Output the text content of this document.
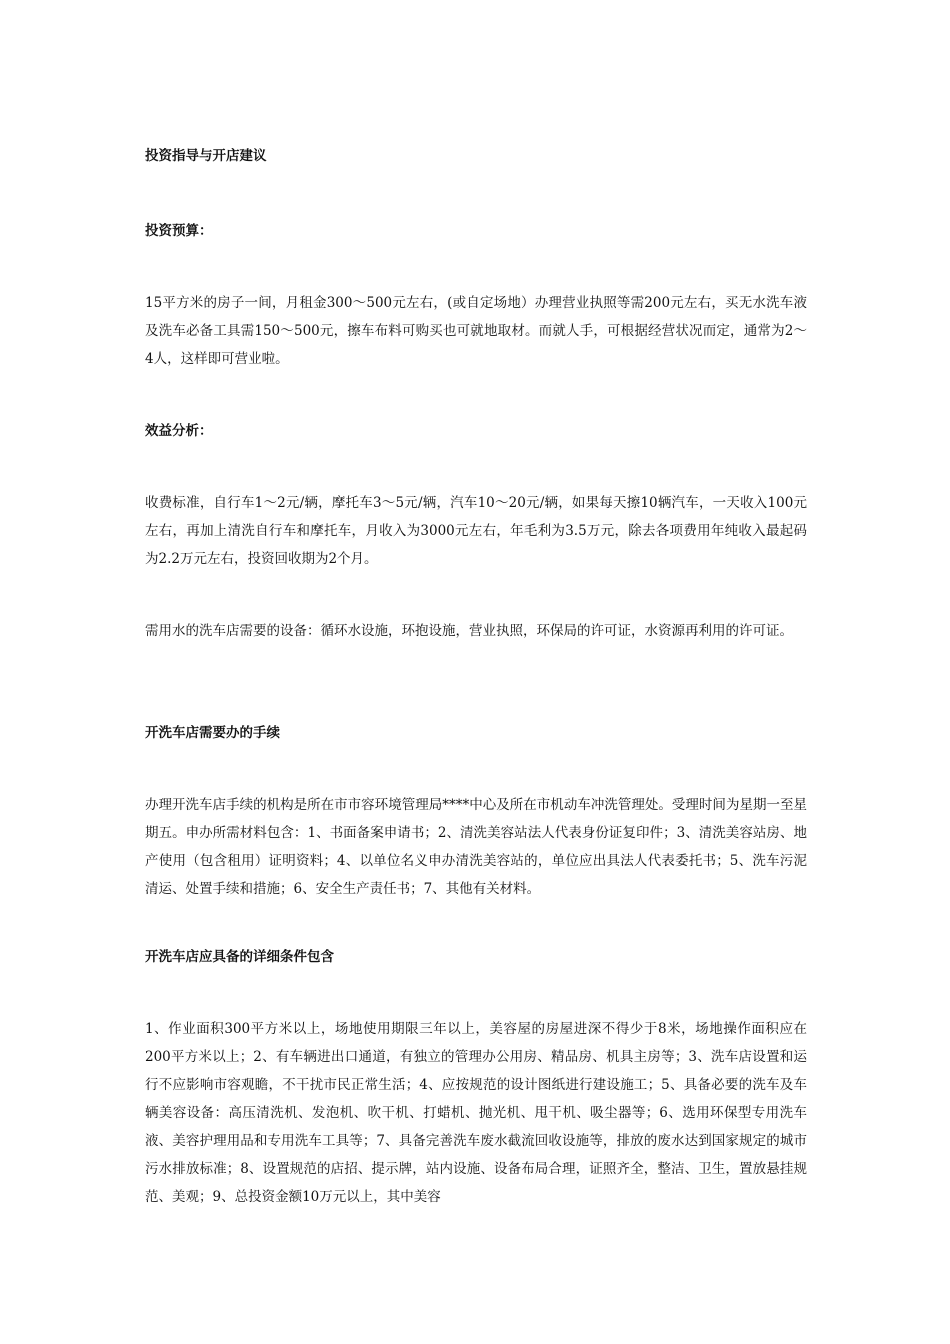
投资指导与开店建议
投资预算：
15平方米的房子一间，月租金300～500元左右，(或自定场地）办理营业执照等需200元左右，买无水洗车液及洗车必备工具需150～500元，擦车布料可购买也可就地取材。而就人手，可根据经营状况而定，通常为2～4人，这样即可营业啦。
效益分析：
收费标准，自行车1～2元/辆，摩托车3～5元/辆，汽车10～20元/辆，如果每天擦10辆汽车，一天收入100元左右，再加上清洗自行车和摩托车，月收入为3000元左右，年毛利为3.5万元，除去各项费用年纯收入最起码为2.2万元左右，投资回收期为2个月。
需用水的洗车店需要的设备：循环水设施，环抱设施，营业执照，环保局的许可证，水资源再利用的许可证。
开洗车店需要办的手续
办理开洗车店手续的机构是所在市市容环境管理局****中心及所在市机动车冲洗管理处。受理时间为星期一至星期五。申办所需材料包含：1、书面备案申请书；2、清洗美容站法人代表身份证复印件；3、清洗美容站房、地产使用（包含租用）证明资料；4、以单位名义申办清洗美容站的，单位应出具法人代表委托书；5、洗车污泥清运、处置手续和措施；6、安全生产责任书；7、其他有关材料。
开洗车店应具备的详细条件包含
1、作业面积300平方米以上，场地使用期限三年以上，美容屋的房屋进深不得少于8米，场地操作面积应在200平方米以上；2、有车辆进出口通道，有独立的管理办公用房、精品房、机具主房等；3、洗车店设置和运行不应影响市容观瞻，不干扰市民正常生活；4、应按规范的设计图纸进行建设施工；5、具备必要的洗车及车辆美容设备：高压清洗机、发泡机、吹干机、打蜡机、抛光机、甩干机、吸尘器等；6、选用环保型专用洗车液、美容护理用品和专用洗车工具等；7、具备完善洗车废水截流回收设施等，排放的废水达到国家规定的城市污水排放标准；8、设置规范的店招、提示牌，站内设施、设备布局合理，证照齐全，整洁、卫生，置放悬挂规范、美观；9、总投资金额10万元以上，其中美容
